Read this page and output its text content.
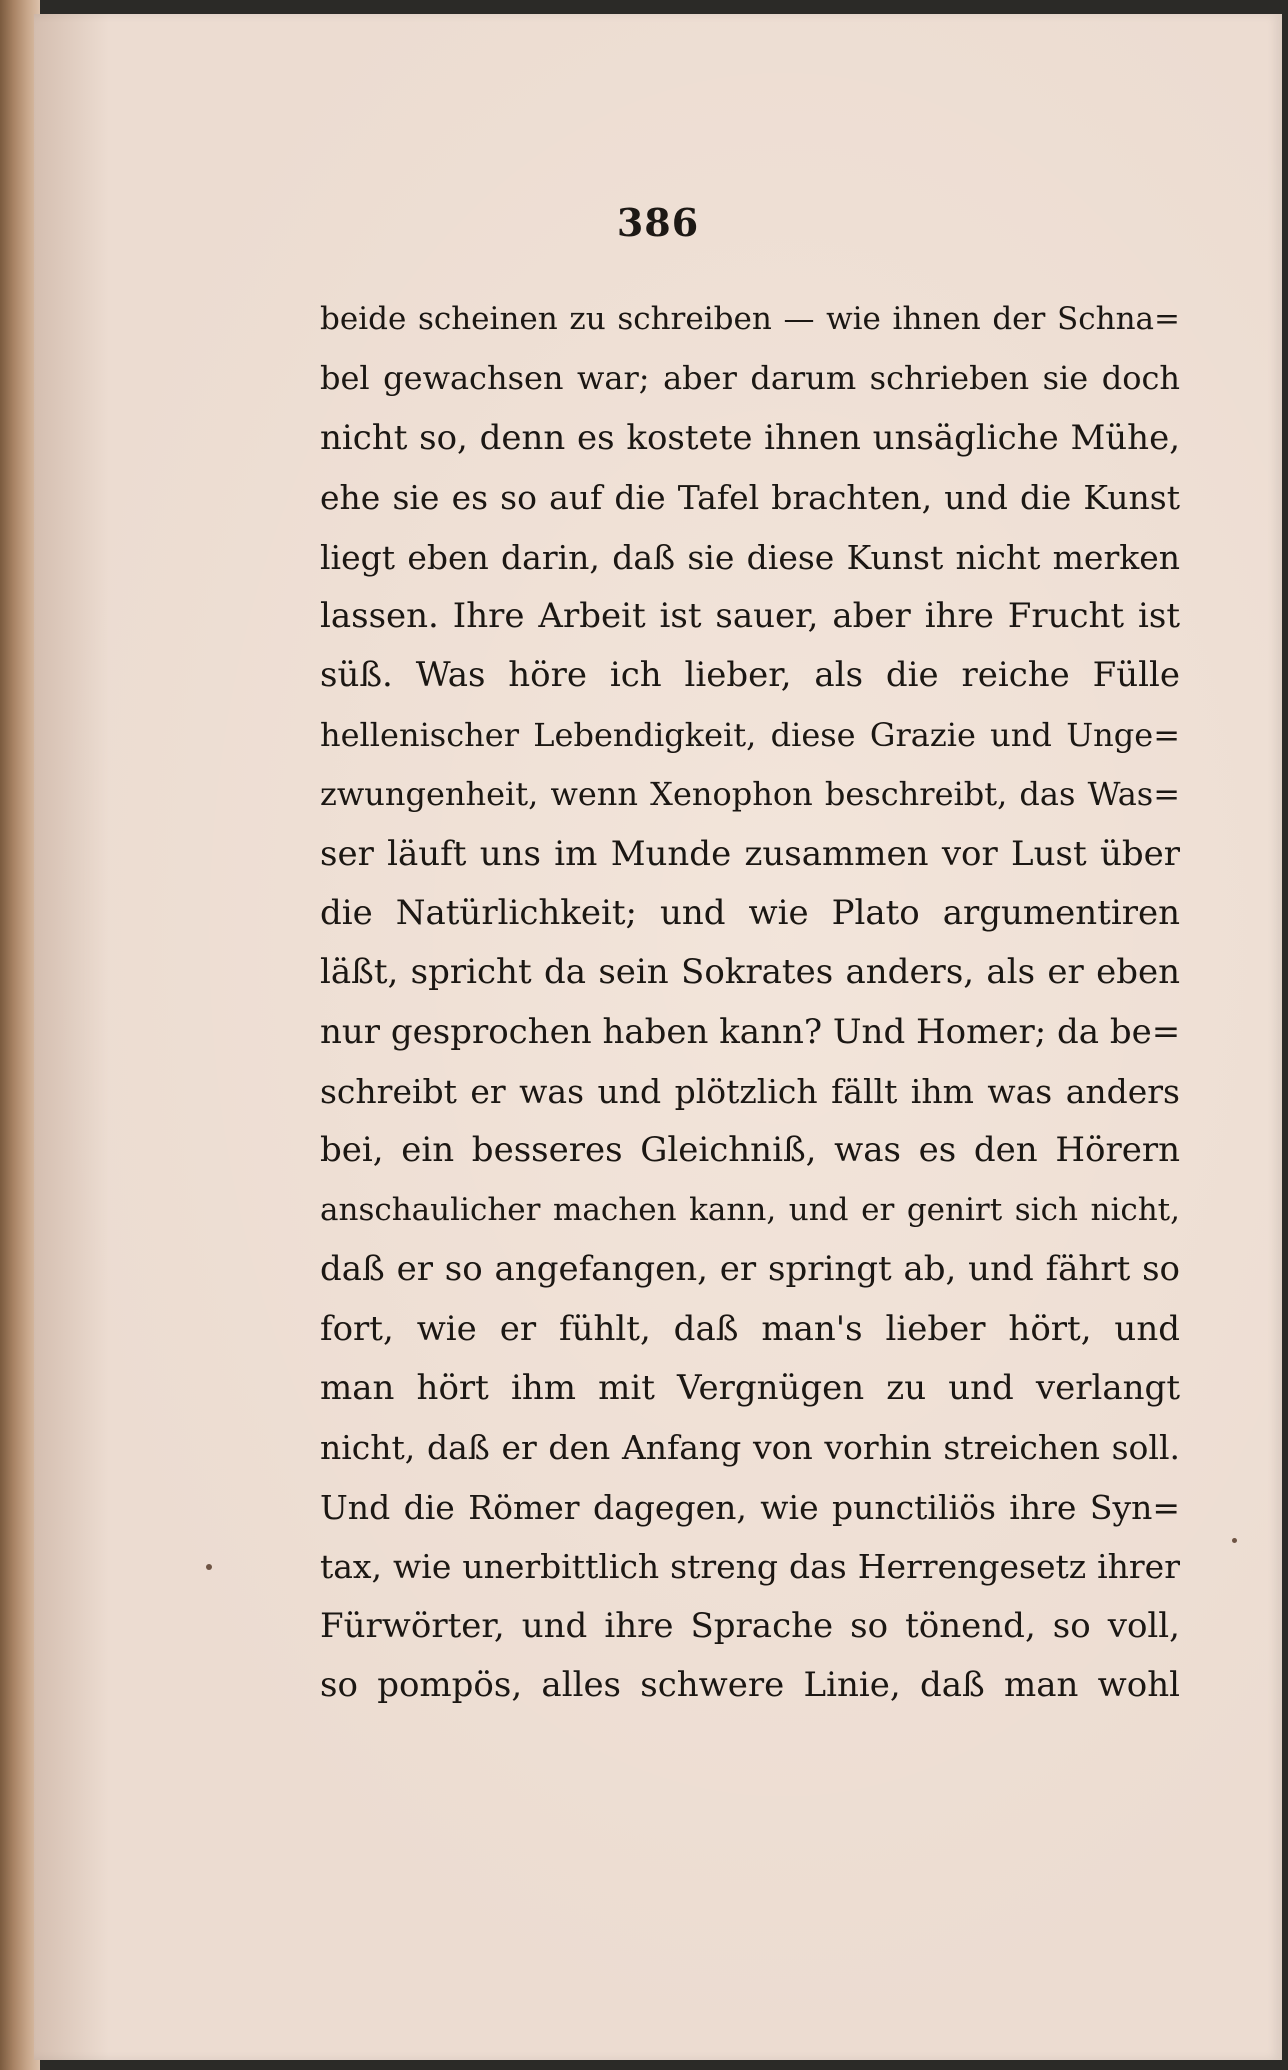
386
beide scheinen zu schreiben — wie ihnen der Schna=
bel gewachsen war; aber darum schrieben sie doch
nicht so, denn es kostete ihnen unsägliche Mühe,
ehe sie es so auf die Tafel brachten, und die Kunst
liegt eben darin, daß sie diese Kunst nicht merken
lassen. Ihre Arbeit ist sauer, aber ihre Frucht ist
süß. Was höre ich lieber, als die reiche Fülle
hellenischer Lebendigkeit, diese Grazie und Unge=
zwungenheit, wenn Xenophon beschreibt, das Was=
ser läuft uns im Munde zusammen vor Lust über
die Natürlichkeit; und wie Plato argumentiren
läßt, spricht da sein Sokrates anders, als er eben
nur gesprochen haben kann? Und Homer; da be=
schreibt er was und plötzlich fällt ihm was anders
bei, ein besseres Gleichniß, was es den Hörern
anschaulicher machen kann, und er genirt sich nicht,
daß er so angefangen, er springt ab, und fährt so
fort, wie er fühlt, daß man's lieber hört, und
man hört ihm mit Vergnügen zu und verlangt
nicht, daß er den Anfang von vorhin streichen soll.
Und die Römer dagegen, wie punctiliös ihre Syn=
tax, wie unerbittlich streng das Herrengesetz ihrer
Fürwörter, und ihre Sprache so tönend, so voll,
so pompös, alles schwere Linie, daß man wohl
